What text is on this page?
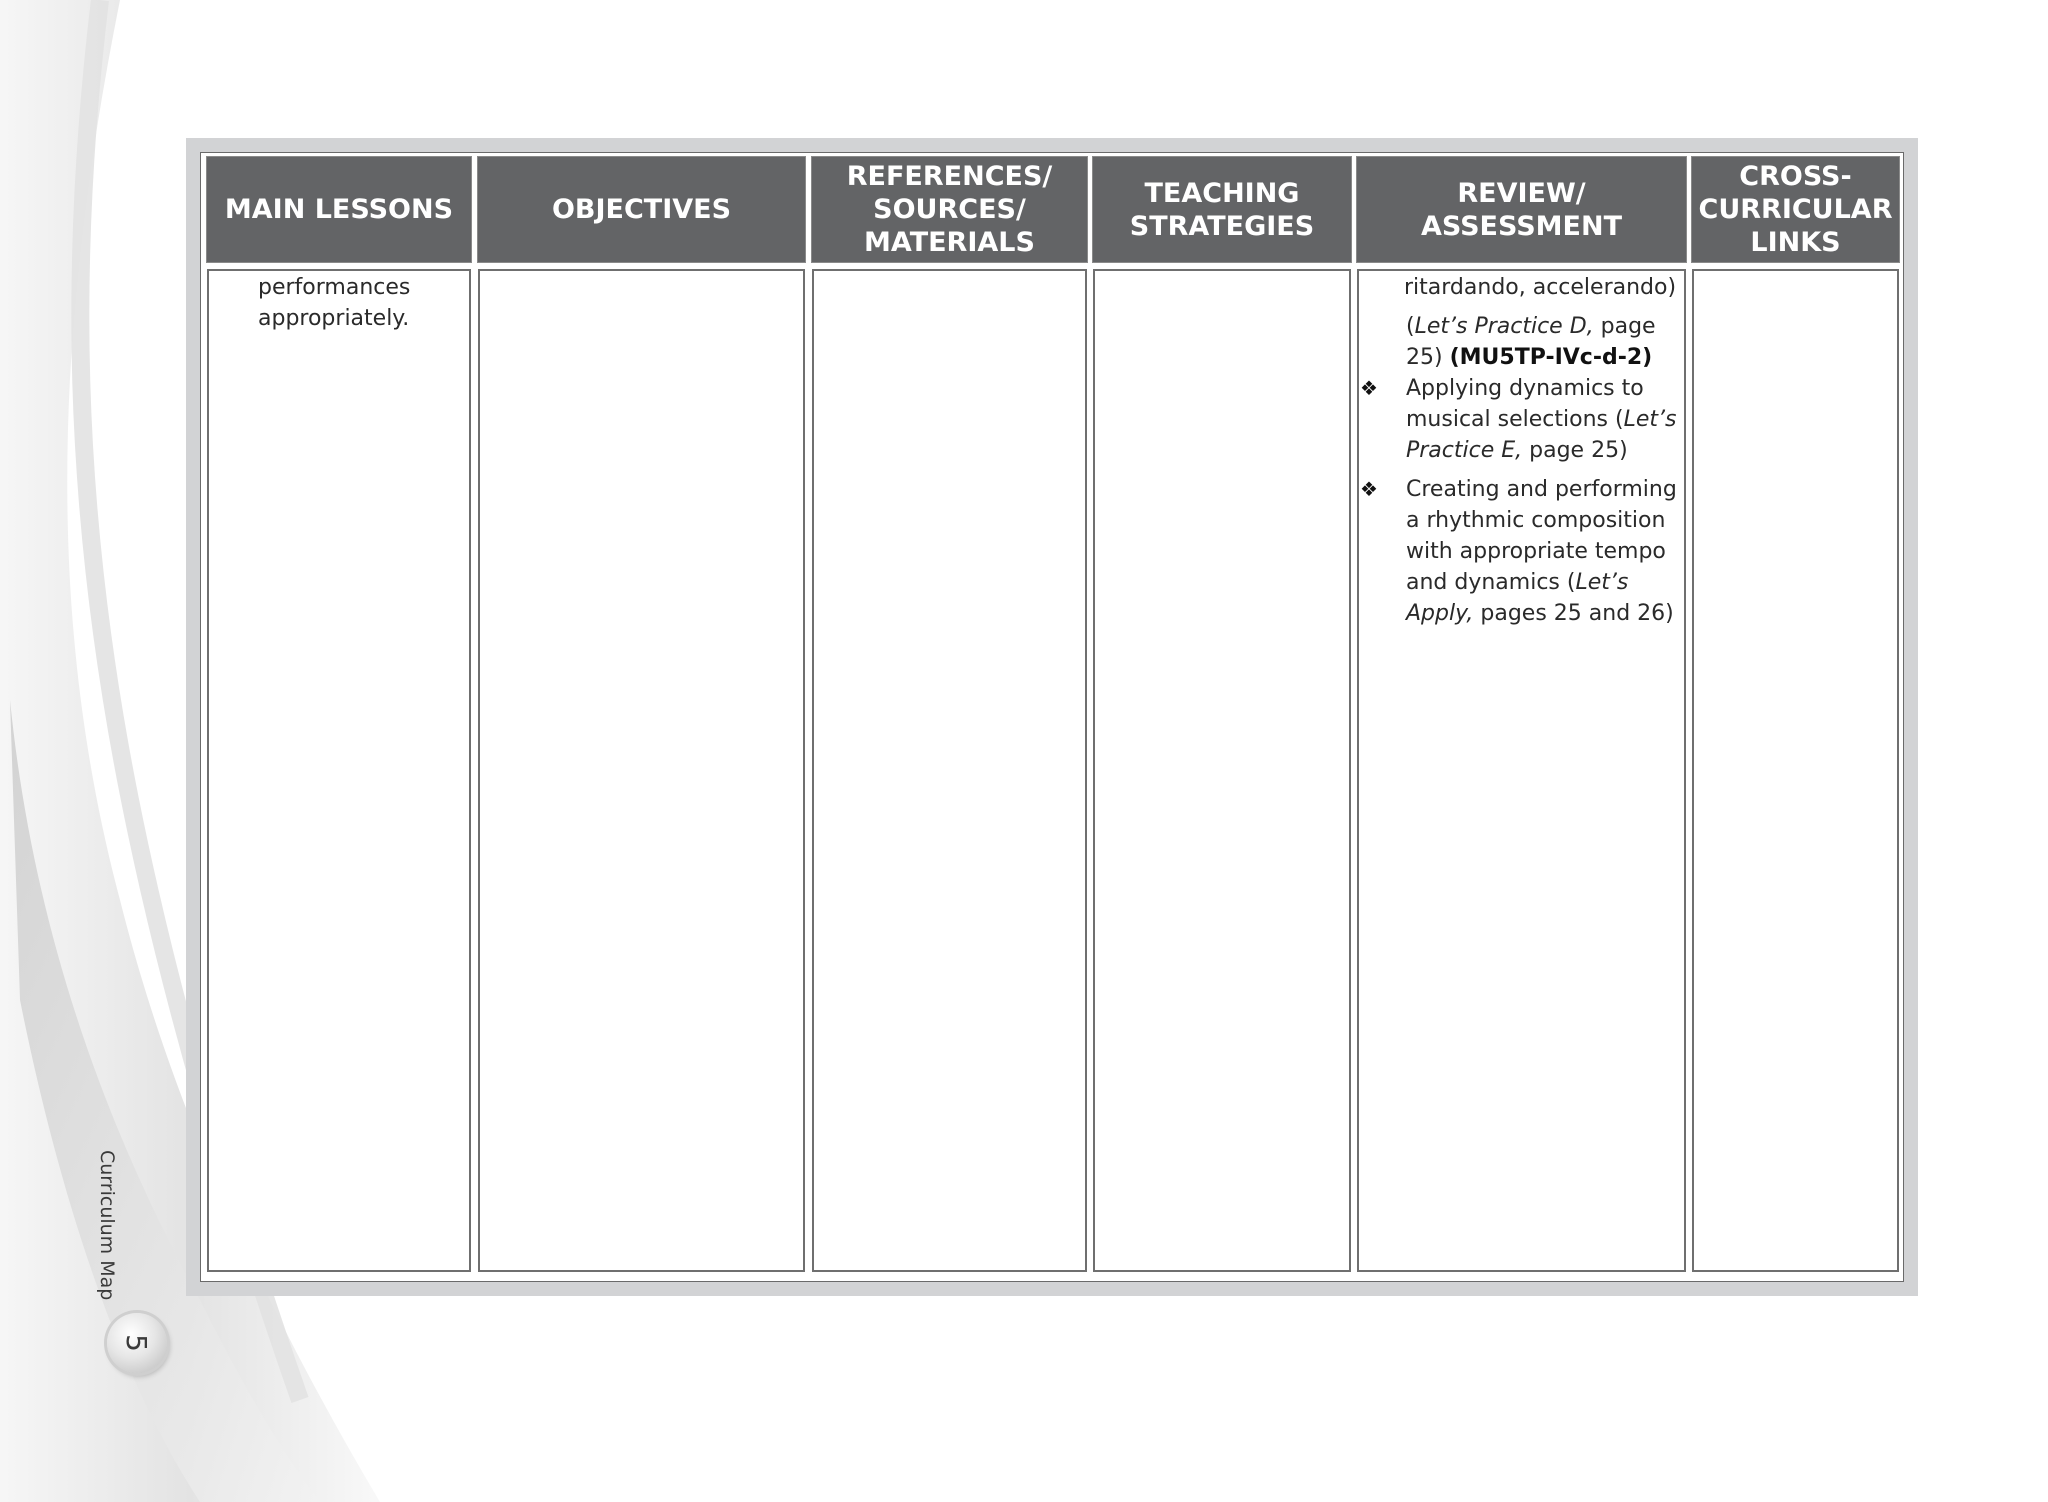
Curriculum Map
5
MAIN LESSONS	OBJECTIVES
REFERENCES/
SOURCES/
MATERIALS
TEACHING
STRATEGIES
REVIEW/
ASSESSMENT
CROSS-
CURRICULAR
LINKS
performances appropriately.

ritardando, accelerando)

(Let’s Practice D, page 25) (MU5TP-IVc-d-2)

❖ Applying dynamics to musical selections (Let’s Practice E, page 25)
❖ Creating and performing a rhythmic composition with appropriate tempo and dynamics (Let’s Apply, pages 25 and 26)
